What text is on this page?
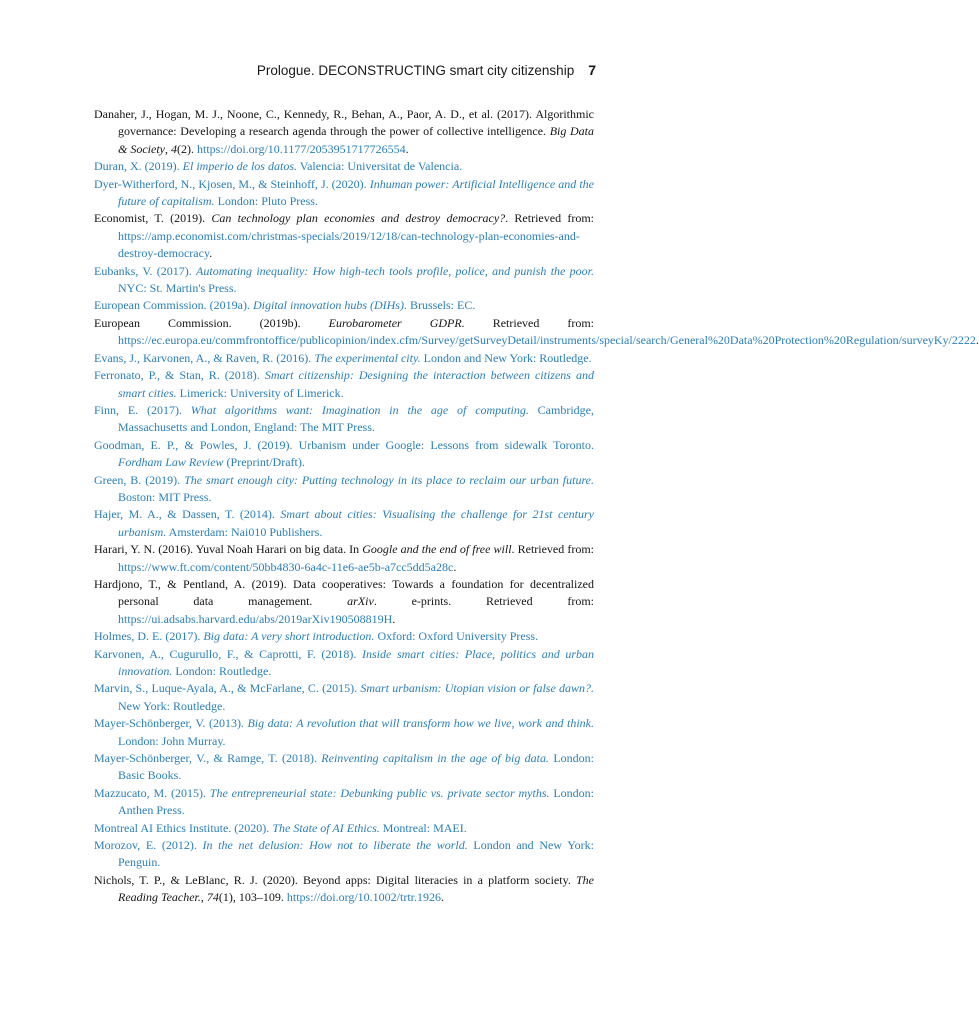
Prologue. DECONSTRUCTING smart city citizenship 7

Danaher, J., Hogan, M. J., Noone, C., Kennedy, R., Behan, A., Paor, A. D., et al. (2017). Algorithmic governance: Developing a research agenda through the power of collective intelligence. Big Data & Society, 4(2). https://doi.org/10.1177/2053951717726554.

Duran, X. (2019). El imperio de los datos. Valencia: Universitat de Valencia.

Dyer-Witherford, N., Kjosen, M., & Steinhoff, J. (2020). Inhuman power: Artificial Intelligence and the future of capitalism. London: Pluto Press.

Economist, T. (2019). Can technology plan economies and destroy democracy?. Retrieved from: https://amp.economist.com/christmas-specials/2019/12/18/can-technology-plan-economies-and-destroy-democracy.

Eubanks, V. (2017). Automating inequality: How high-tech tools profile, police, and punish the poor. NYC: St. Martin's Press.

European Commission. (2019a). Digital innovation hubs (DIHs). Brussels: EC.

European Commission. (2019b). Eurobarometer GDPR. Retrieved from: https://ec.europa.eu/commfrontoffice/publicopinion/index.cfm/Survey/getSurveyDetail/instruments/special/search/General%20Data%20Protection%20Regulation/surveyKy/2222.

Evans, J., Karvonen, A., & Raven, R. (2016). The experimental city. London and New York: Routledge.

Ferronato, P., & Stan, R. (2018). Smart citizenship: Designing the interaction between citizens and smart cities. Limerick: University of Limerick.

Finn, E. (2017). What algorithms want: Imagination in the age of computing. Cambridge, Massachusetts and London, England: The MIT Press.

Goodman, E. P., & Powles, J. (2019). Urbanism under Google: Lessons from sidewalk Toronto. Fordham Law Review (Preprint/Draft).

Green, B. (2019). The smart enough city: Putting technology in its place to reclaim our urban future. Boston: MIT Press.

Hajer, M. A., & Dassen, T. (2014). Smart about cities: Visualising the challenge for 21st century urbanism. Amsterdam: Nai010 Publishers.

Harari, Y. N. (2016). Yuval Noah Harari on big data. In Google and the end of free will. Retrieved from: https://www.ft.com/content/50bb4830-6a4c-11e6-ae5b-a7cc5dd5a28c.

Hardjono, T., & Pentland, A. (2019). Data cooperatives: Towards a foundation for decentralized personal data management. arXiv. e-prints. Retrieved from: https://ui.adsabs.harvard.edu/abs/2019arXiv190508819H.

Holmes, D. E. (2017). Big data: A very short introduction. Oxford: Oxford University Press.

Karvonen, A., Cugurullo, F., & Caprotti, F. (2018). Inside smart cities: Place, politics and urban innovation. London: Routledge.

Marvin, S., Luque-Ayala, A., & McFarlane, C. (2015). Smart urbanism: Utopian vision or false dawn?. New York: Routledge.

Mayer-Schönberger, V. (2013). Big data: A revolution that will transform how we live, work and think. London: John Murray.

Mayer-Schönberger, V., & Ramge, T. (2018). Reinventing capitalism in the age of big data. London: Basic Books.

Mazzucato, M. (2015). The entrepreneurial state: Debunking public vs. private sector myths. London: Anthen Press.

Montreal AI Ethics Institute. (2020). The State of AI Ethics. Montreal: MAEI.

Morozov, E. (2012). In the net delusion: How not to liberate the world. London and New York: Penguin.

Nichols, T. P., & LeBlanc, R. J. (2020). Beyond apps: Digital literacies in a platform society. The Reading Teacher., 74(1), 103–109. https://doi.org/10.1002/trtr.1926.
